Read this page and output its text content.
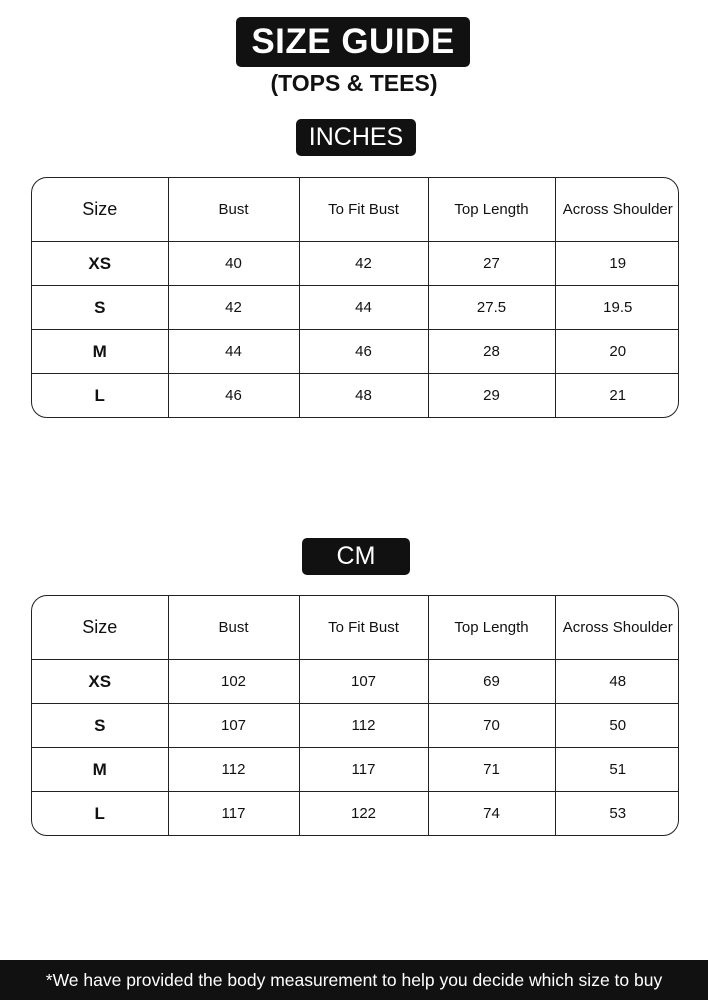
SIZE GUIDE
(TOPS & TEES)
INCHES
Size	Bust	To Fit Bust	Top Length	Across Shoulder
XS	40	42	27	19
S	42	44	27.5	19.5
M	44	46	28	20
L	46	48	29	21
CM
Size	Bust	To Fit Bust	Top Length	Across Shoulder
XS	102	107	69	48
S	107	112	70	50
M	112	117	71	51
L	117	122	74	53
*We have provided the body measurement to help you decide which size to buy
